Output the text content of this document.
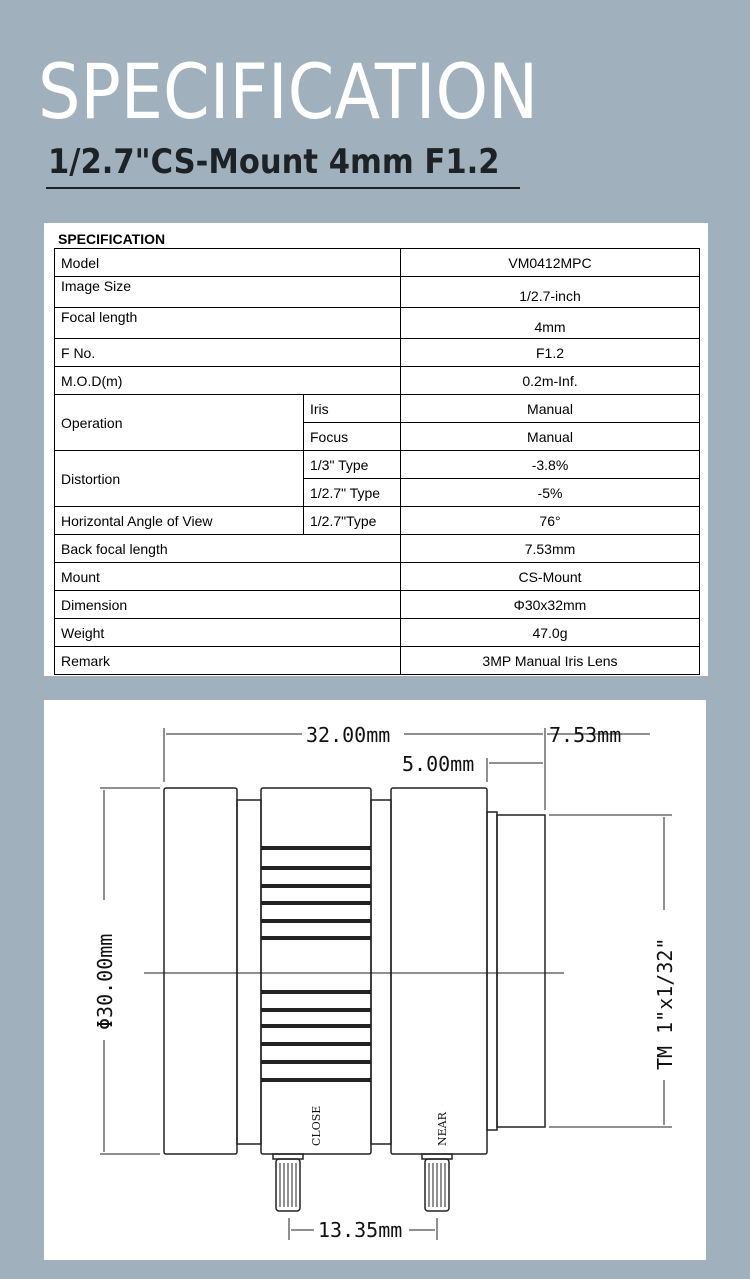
SPECIFICATION
1/2.7"CS-Mount 4mm F1.2
SPECIFICATION
Model		VM0412MPC
Image Size		1/2.7-inch
Focal length		4mm
F No.		F1.2
M.O.D(m)		0.2m-Inf.
Operation	Iris	Manual
	Focus	Manual
Distortion	1/3" Type	-3.8%
	1/2.7" Type	-5%
Horizontal Angle of View	1/2.7"Type	76°
Back focal length		7.53mm
Mount		CS-Mount
Dimension		Φ30x32mm
Weight		47.0g
Remark		3MP Manual Iris Lens
32.00mm	7.53mm
5.00mm
Φ30.00mm	TM 1"x1/32"
13.35mm
CLOSE	NEAR
